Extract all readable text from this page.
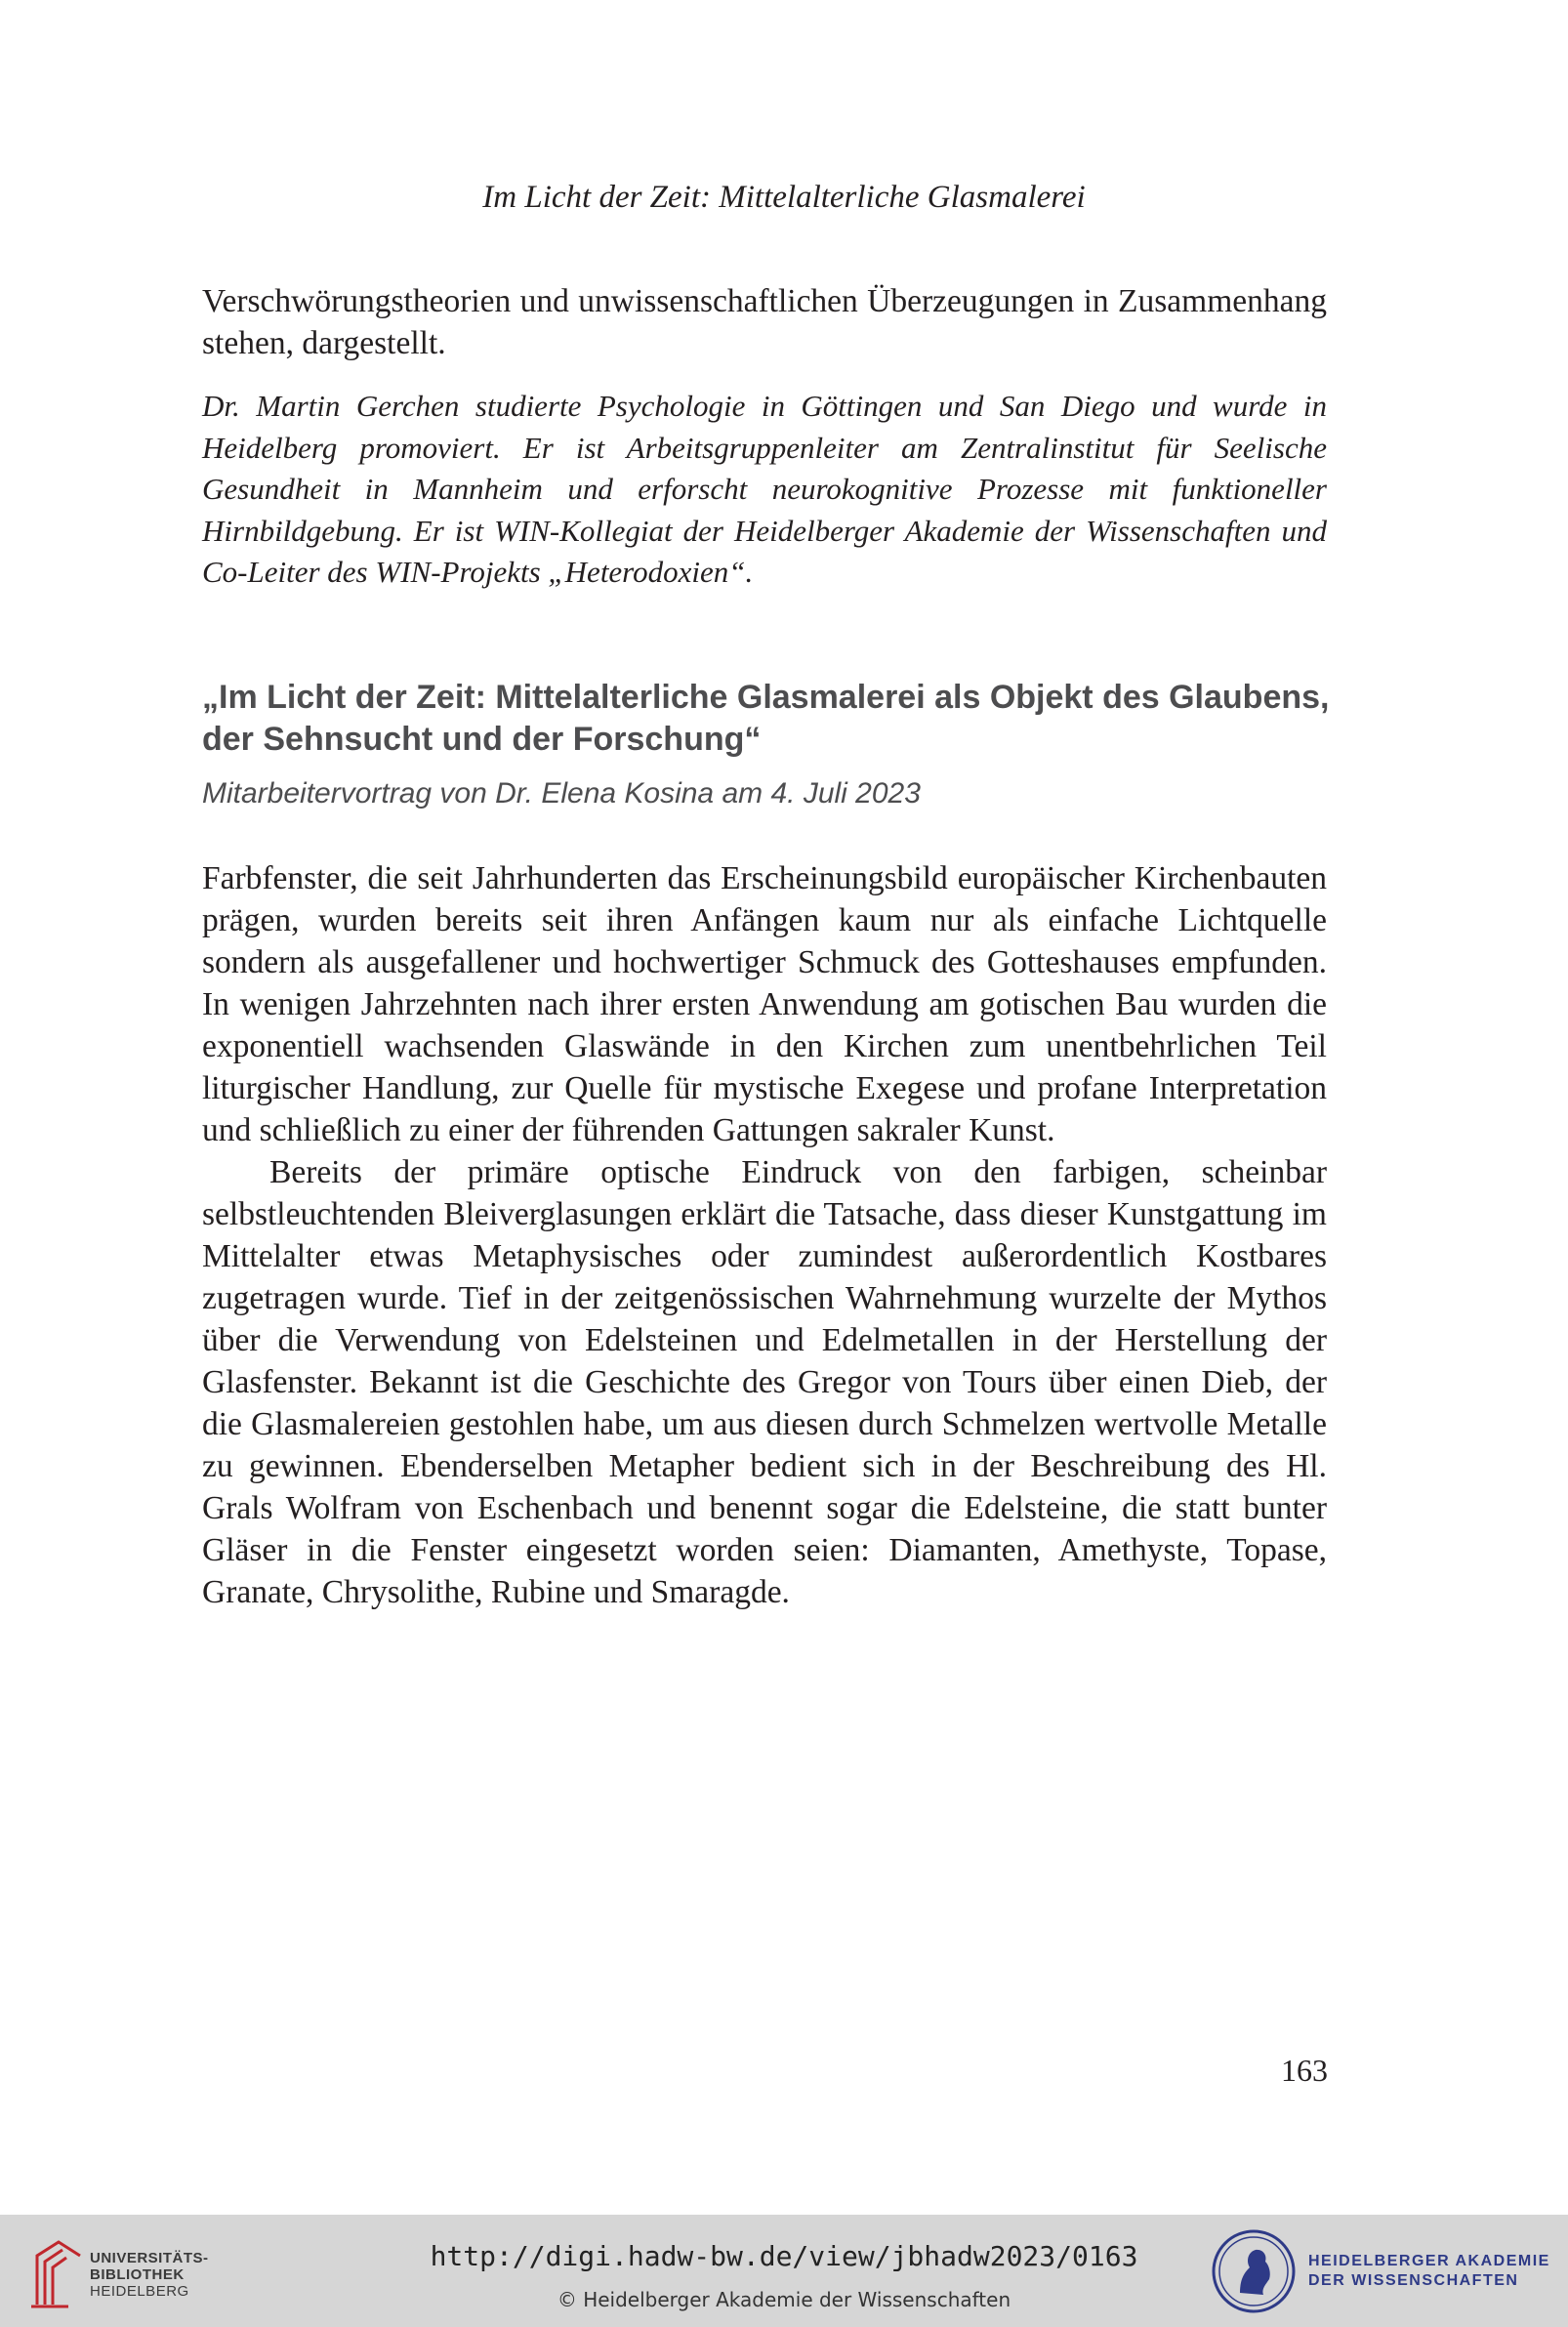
Im Licht der Zeit: Mittelalterliche Glasmalerei

Verschwörungstheorien und unwissenschaftlichen Überzeugungen in Zusammenhang stehen, dargestellt.

Dr. Martin Gerchen studierte Psychologie in Göttingen und San Diego und wurde in Heidelberg promoviert. Er ist Arbeitsgruppenleiter am Zentralinstitut für Seelische Gesundheit in Mannheim und erforscht neurokognitive Prozesse mit funktioneller Hirnbildgebung. Er ist WIN-Kollegiat der Heidelberger Akademie der Wissenschaften und Co-Leiter des WIN-Projekts „Heterodoxien“.

„Im Licht der Zeit: Mittelalterliche Glasmalerei als Objekt des Glaubens, der Sehnsucht und der Forschung“
Mitarbeitervortrag von Dr. Elena Kosina am 4. Juli 2023

Farbfenster, die seit Jahrhunderten das Erscheinungsbild europäischer Kirchenbauten prägen, wurden bereits seit ihren Anfängen kaum nur als einfache Lichtquelle sondern als ausgefallener und hochwertiger Schmuck des Gotteshauses empfunden. In wenigen Jahrzehnten nach ihrer ersten Anwendung am gotischen Bau wurden die exponentiell wachsenden Glaswände in den Kirchen zum unentbehrlichen Teil liturgischer Handlung, zur Quelle für mystische Exegese und profane Interpretation und schließlich zu einer der führenden Gattungen sakraler Kunst.

Bereits der primäre optische Eindruck von den farbigen, scheinbar selbstleuchtenden Bleiverglasungen erklärt die Tatsache, dass dieser Kunstgattung im Mittelalter etwas Metaphysisches oder zumindest außerordentlich Kostbares zugetragen wurde. Tief in der zeitgenössischen Wahrnehmung wurzelte der Mythos über die Verwendung von Edelsteinen und Edelmetallen in der Herstellung der Glasfenster. Bekannt ist die Geschichte des Gregor von Tours über einen Dieb, der die Glasmalereien gestohlen habe, um aus diesen durch Schmelzen wertvolle Metalle zu gewinnen. Ebenderselben Metapher bedient sich in der Beschreibung des Hl. Grals Wolfram von Eschenbach und benennt sogar die Edelsteine, die statt bunter Gläser in die Fenster eingesetzt worden seien: Diamanten, Amethyste, Topase, Granate, Chrysolithe, Rubine und Smaragde.

163
UNIVERSITÄTS-
BIBLIOTHEK
HEIDELBERG
http://digi.hadw-bw.de/view/jbhadw2023/0163
© Heidelberger Akademie der Wissenschaften
HEIDELBERGER AKADEMIE
DER WISSENSCHAFTEN
